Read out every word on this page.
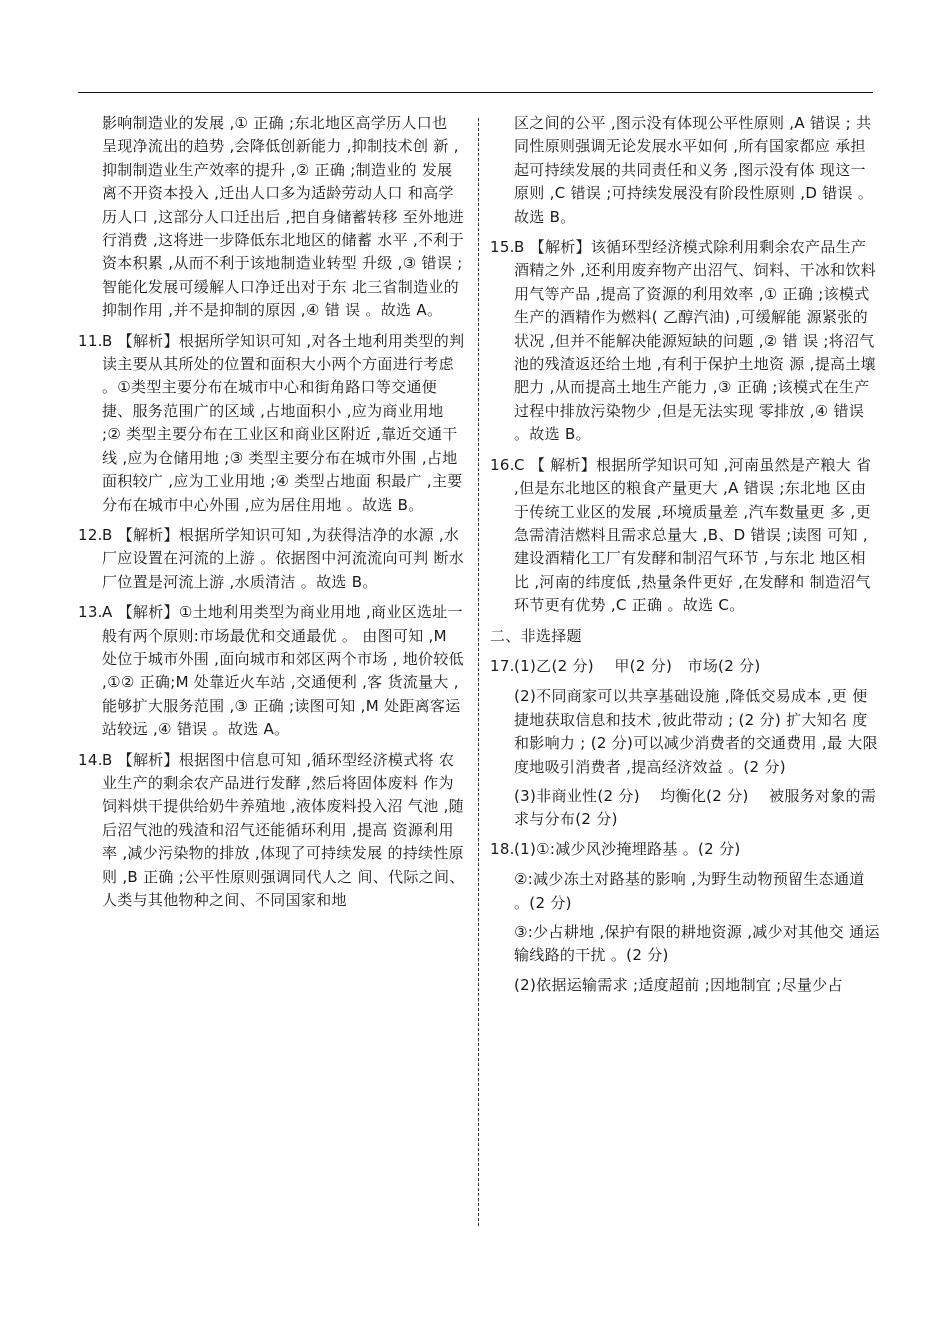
影响制造业的发展 ,① 正确 ;东北地区高学历人口也 呈现净流出的趋势 ,会降低创新能力 ,抑制技术创 新 ,抑制制造业生产效率的提升 ,② 正确 ;制造业的 发展离不开资本投入 ,迁出人口多为适龄劳动人口 和高学历人口 ,这部分人口迁出后 ,把自身储蓄转移 至外地进行消费 ,这将进一步降低东北地区的储蓄 水平 ,不利于资本积累 ,从而不利于该地制造业转型 升级 ,③ 错误 ;智能化发展可缓解人口净迁出对于东 北三省制造业的抑制作用 ,并不是抑制的原因 ,④ 错 误 。故选 A。

11. B 【解析】根据所学知识可知 ,对各土地利用类型的判读主要从其所处的位置和面积大小两个方面进行考虑 。①类型主要分布在城市中心和街角路口等交通便捷、服务范围广的区域 ,占地面积小 ,应为商业用地 ;② 类型主要分布在工业区和商业区附近 ,靠近交通干线 ,应为仓储用地 ;③ 类型主要分布在城市外围 ,占地面积较广 ,应为工业用地 ;④ 类型占地面 积最广 ,主要分布在城市中心外围 ,应为居住用地 。故选 B。
12. B 【解析】根据所学知识可知 ,为获得洁净的水源 ,水厂应设置在河流的上游 。依据图中河流流向可判 断水厂位置是河流上游 ,水质清洁 。故选 B。
13. A 【解析】①土地利用类型为商业用地 ,商业区选址一般有两个原则:市场最优和交通最优 。 由图可知 ,M 处位于城市外围 ,面向城市和郊区两个市场 , 地价较低 ,①② 正确;M 处靠近火车站 ,交通便利 ,客 货流量大 ,能够扩大服务范围 ,③ 正确 ;读图可知 ,M 处距离客运站较远 ,④ 错误 。故选 A。
14. B 【解析】根据图中信息可知 ,循环型经济模式将 农业生产的剩余农产品进行发酵 ,然后将固体废料 作为饲料烘干提供给奶牛养殖地 ,液体废料投入沼 气池 ,随后沼气池的残渣和沼气还能循环利用 ,提高 资源利用率 ,减少污染物的排放 ,体现了可持续发展 的持续性原则 ,B 正确 ;公平性原则强调同代人之 间、代际之间、人类与其他物种之间、不同国家和地

区之间的公平 ,图示没有体现公平性原则 ,A 错误 ; 共同性原则强调无论发展水平如何 ,所有国家都应 承担起可持续发展的共同责任和义务 ,图示没有体 现这一原则 ,C 错误 ;可持续发展没有阶段性原则 ,D 错误 。故选 B。

15. B 【解析】该循环型经济模式除利用剩余农产品生产酒精之外 ,还利用废弃物产出沼气、饲料、干冰和饮料用气等产品 ,提高了资源的利用效率 ,① 正确 ;该模式生产的酒精作为燃料( 乙醇汽油) ,可缓解能 源紧张的状况 ,但并不能解决能源短缺的问题 ,② 错 误 ;将沼气池的残渣返还给土地 ,有利于保护土地资 源 ,提高土壤肥力 ,从而提高土地生产能力 ,③ 正确 ;该模式在生产过程中排放污染物少 ,但是无法实现 零排放 ,④ 错误 。故选 B。
16. C 【 解析】根据所学知识可知 ,河南虽然是产粮大 省 ,但是东北地区的粮食产量更大 ,A 错误 ;东北地 区由于传统工业区的发展 ,环境质量差 ,汽车数量更 多 ,更急需清洁燃料且需求总量大 ,B、D 错误 ;读图 可知 ,建设酒精化工厂有发酵和制沼气环节 ,与东北 地区相比 ,河南的纬度低 ,热量条件更好 ,在发酵和 制造沼气环节更有优势 ,C 正确 。故选 C。

二、非选择题

17. (1)乙(2 分)　 甲(2 分)　市场(2 分)

(2)不同商家可以共享基础设施 ,降低交易成本 ,更 便捷地获取信息和技术 ,彼此带动 ; (2 分) 扩大知名 度和影响力 ; (2 分)可以减少消费者的交通费用 ,最 大限度地吸引消费者 ,提高经济效益 。(2 分)

(3)非商业性(2 分)　 均衡化(2 分)　 被服务对象的需求与分布(2 分)

18. (1)①:减少风沙掩埋路基 。(2 分)

②:减少冻土对路基的影响 ,为野生动物预留生态通道 。(2 分)

③:少占耕地 ,保护有限的耕地资源 ,减少对其他交 通运输线路的干扰 。(2 分)

(2)依据运输需求 ;适度超前 ;因地制宜 ;尽量少占
